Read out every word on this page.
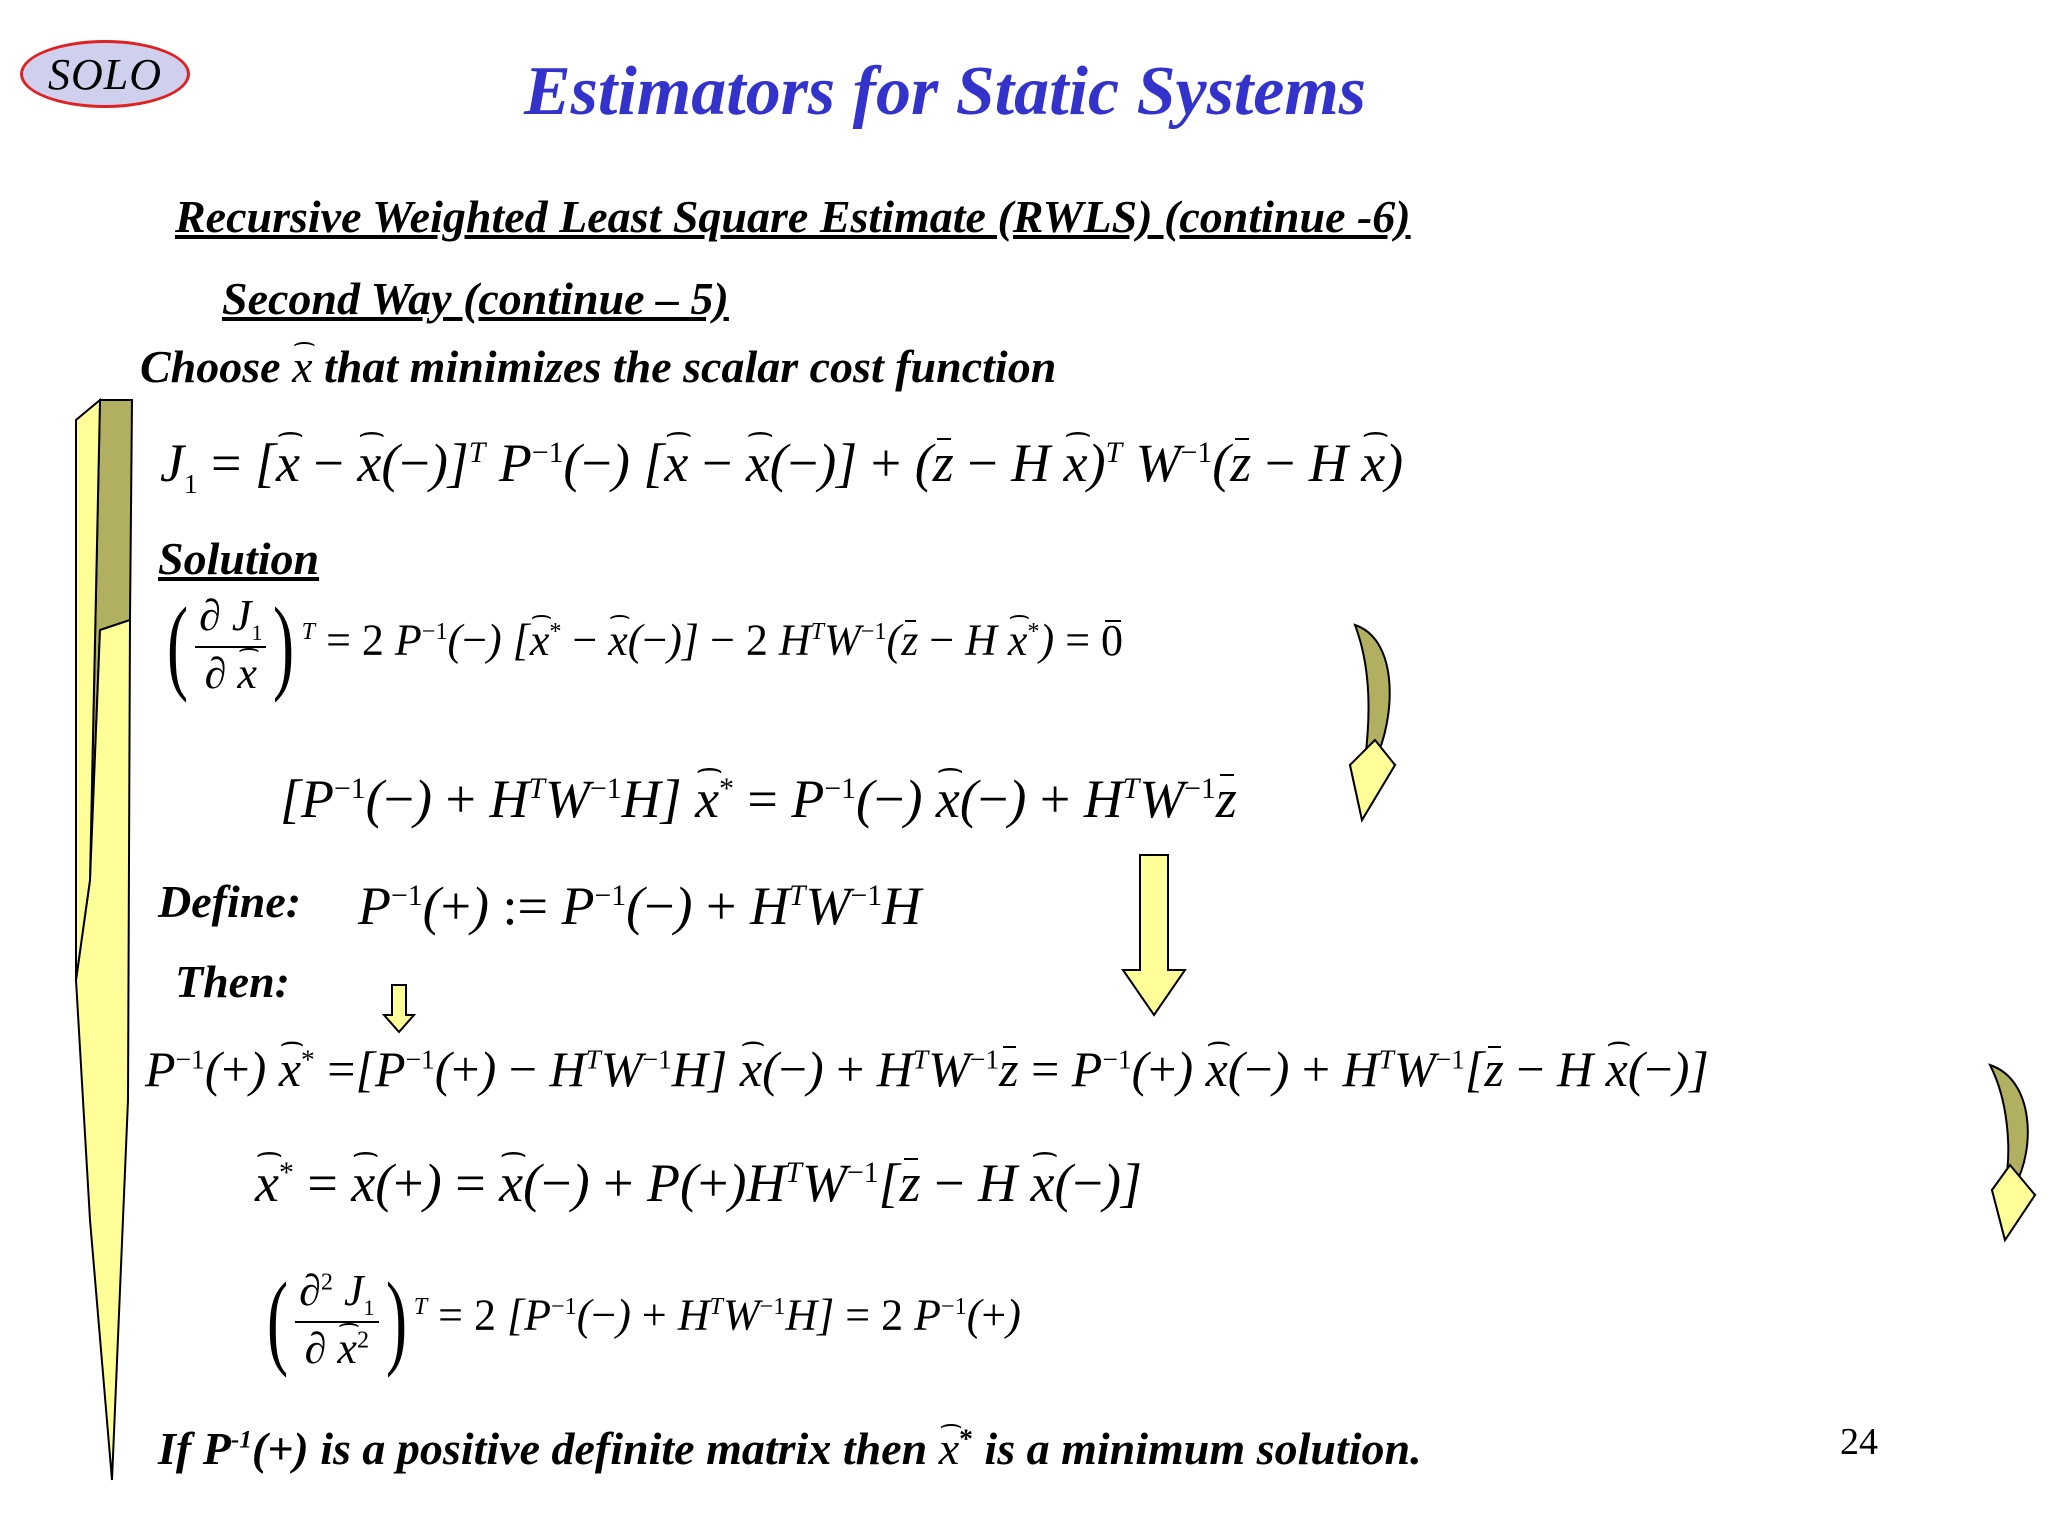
SOLO	Estimators for Static Systems
Recursive Weighted Least Square Estimate (RWLS) (continue -6)
Second Way (continue – 5)
Choose ⌢ x that minimizes the scalar cost function
$J_1$ = [⌢ x − ⌢ x(−)]$^T$ $P^{-1}(-)$ [⌢ x − ⌢ x(−)] + (z − H ⌢ x)$^T$ $W^{-1}(z - H$ ⌢ x)
Solution
( $\frac{\partial J_1}{\partial ⌢ x}$ ) $^T$ = 2 $P^{-1}(-)$ [⌢ x* − ⌢ x(−)] − 2 $H^TW^{-1}(z - H$ ⌢ x*) = 0
$[P^{-1}(-) + H^TW^{-1}H]$ ⌢ $x^* = P^{-1}(-)$ ⌢ $x(-) + H^TW^{-1}z$
Define: $P^{-1}(+)$ := $P^{-1}(-) + H^TW^{-1}H$
Then:
$P^{-1}(+)$ ⌢ $x^* =[P^{-1}(+) - H^TW^{-1}H]$ ⌢ $x(-) + H^TW^{-1}z = P^{-1}(+)$ ⌢ $x(-) + H^TW^{-1}[z - H$ ⌢ x(−)]
⌢ x* = ⌢ x(+) = ⌢ $x(-) + P(+)H^TW^{-1}[z - H$ ⌢ x(−)]
( $\frac{\partial^2 J_1}{\partial ⌢ x^2}$ ) $^T$ = 2 $[P^{-1}(-) + H^TW^{-1}H] = 2$ $P^{-1}(+)$
If $P^{-1}(+)$ is a positive definite matrix then ⌢ x* is a minimum solution.	24
